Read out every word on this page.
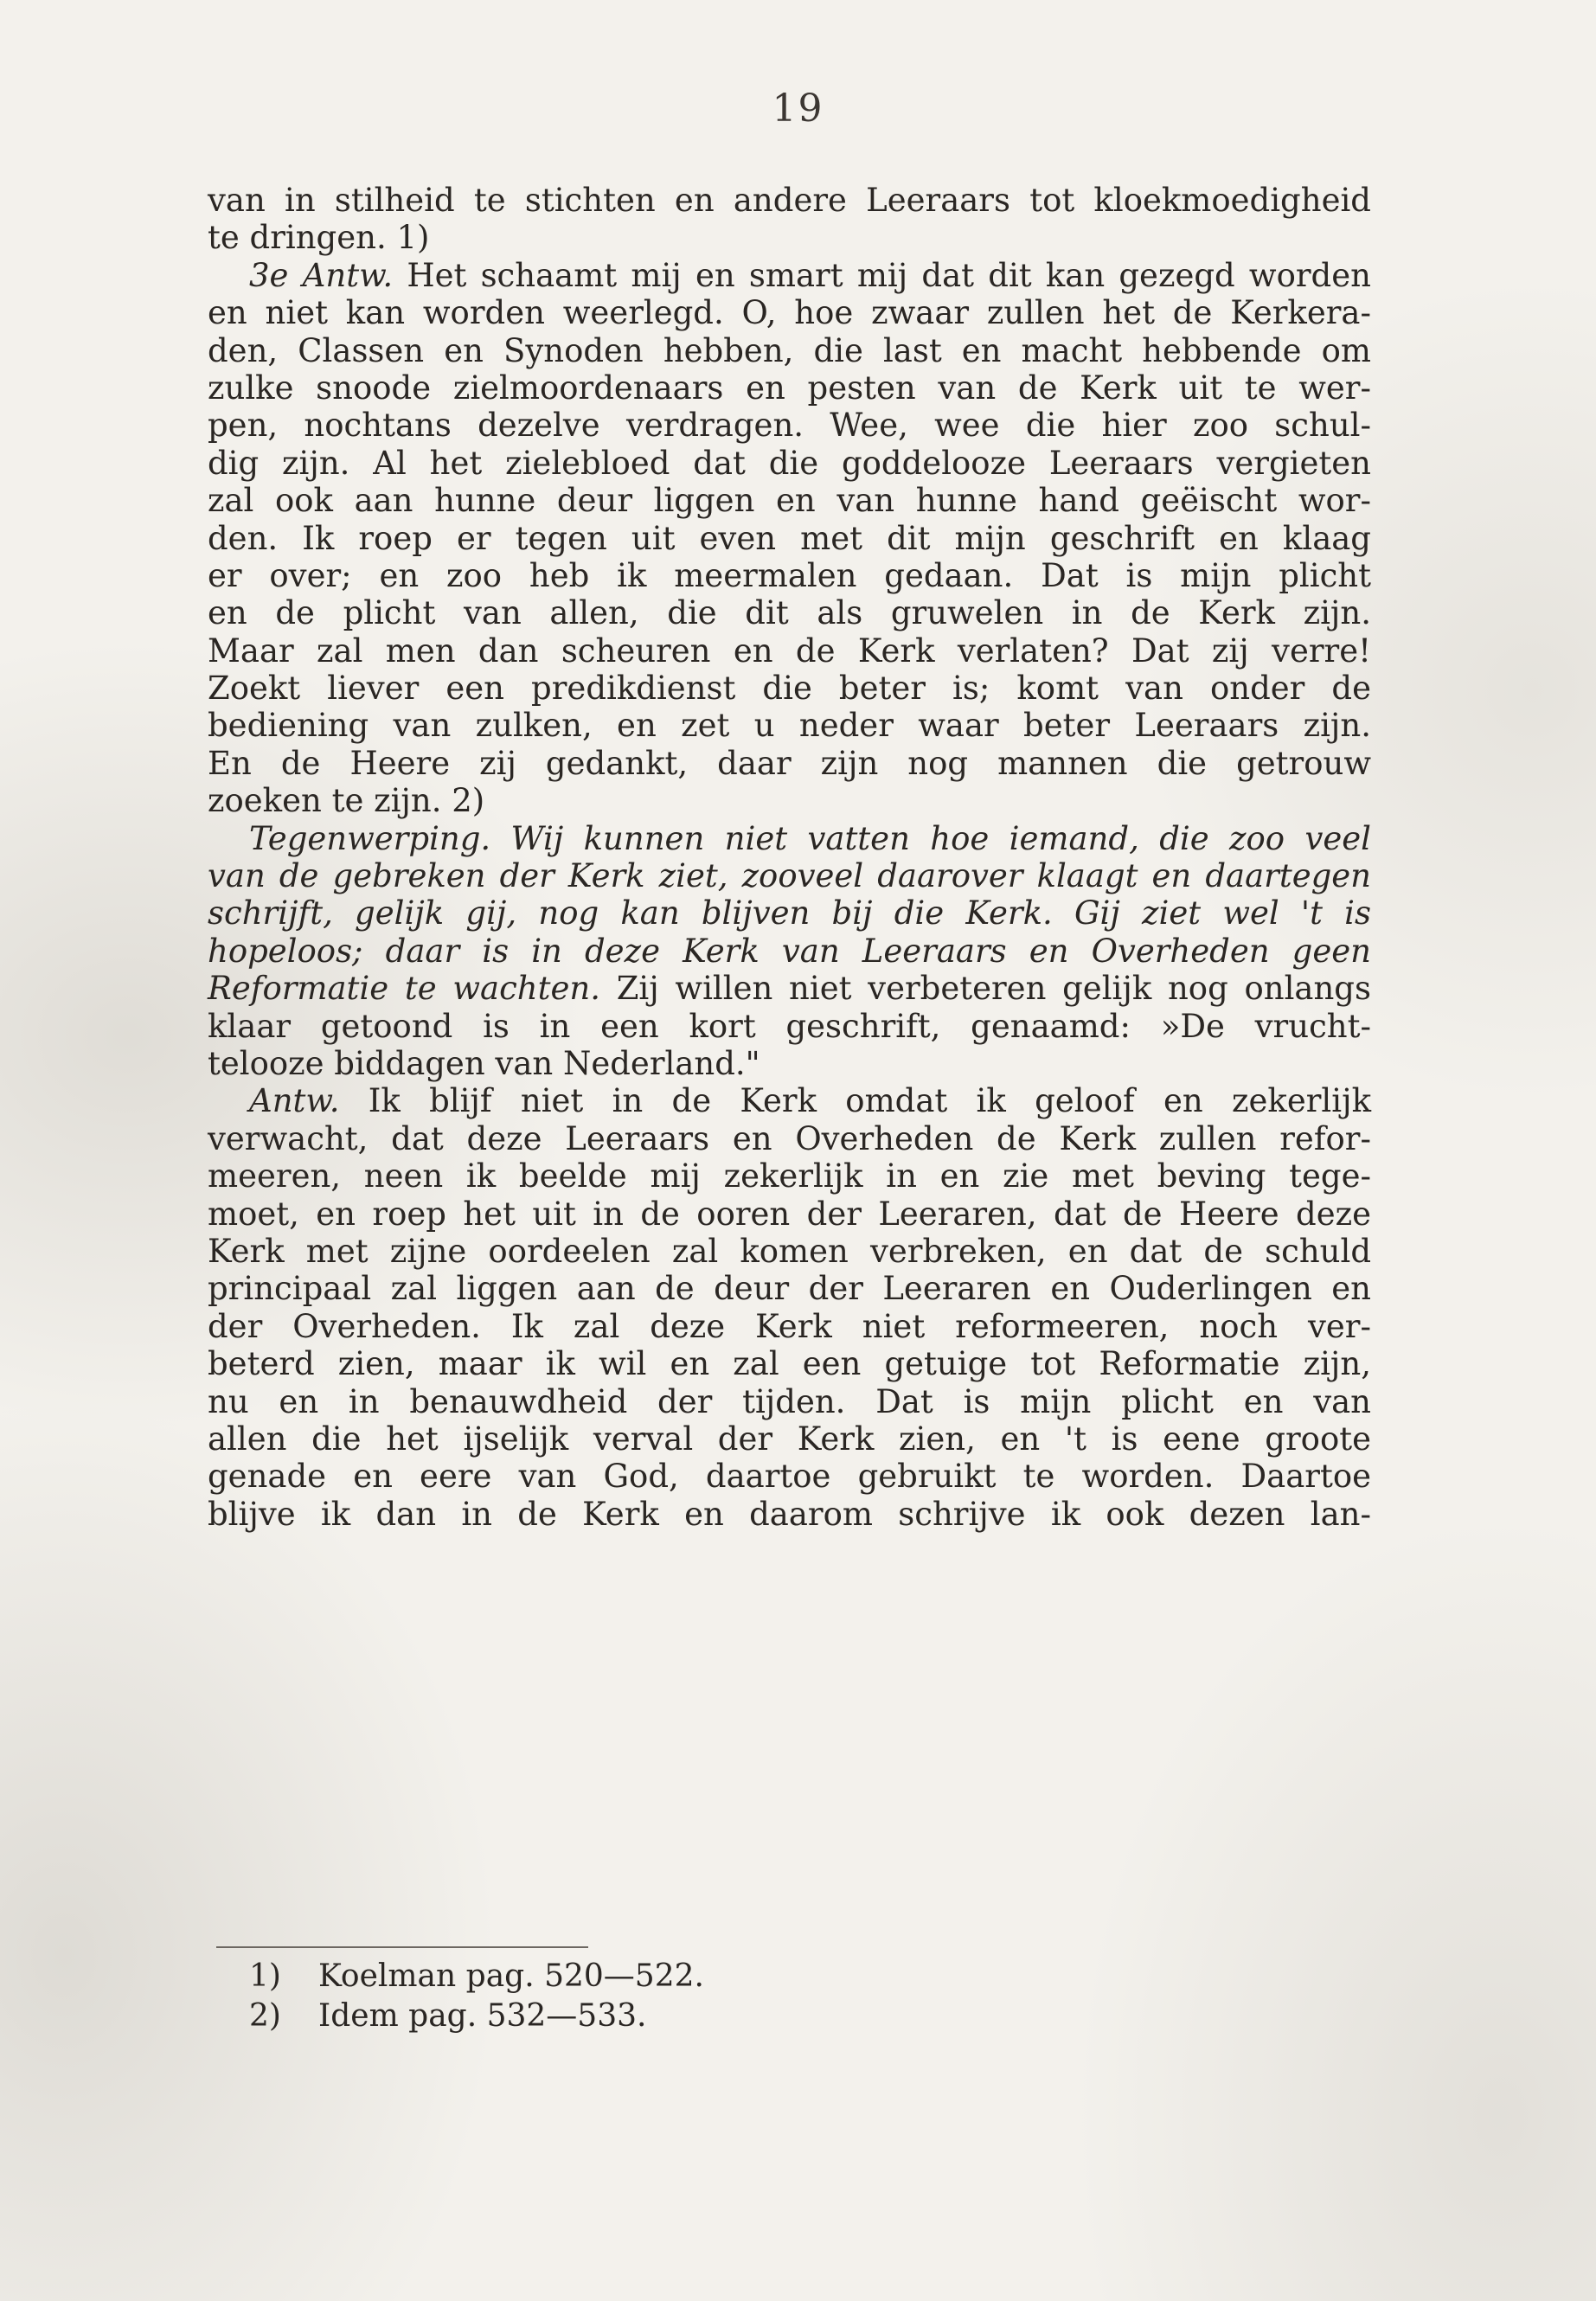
19
van in stilheid te stichten en andere Leeraars tot kloekmoedigheid
te dringen. 1)
3e Antw. Het schaamt mij en smart mij dat dit kan gezegd worden
en niet kan worden weerlegd. O, hoe zwaar zullen het de Kerkera-
den, Classen en Synoden hebben, die last en macht hebbende om
zulke snoode zielmoordenaars en pesten van de Kerk uit te wer-
pen, nochtans dezelve verdragen. Wee, wee die hier zoo schul-
dig zijn. Al het zielebloed dat die goddelooze Leeraars vergieten
zal ook aan hunne deur liggen en van hunne hand geëischt wor-
den. Ik roep er tegen uit even met dit mijn geschrift en klaag
er over; en zoo heb ik meermalen gedaan. Dat is mijn plicht
en de plicht van allen, die dit als gruwelen in de Kerk zijn.
Maar zal men dan scheuren en de Kerk verlaten? Dat zij verre!
Zoekt liever een predikdienst die beter is; komt van onder de
bediening van zulken, en zet u neder waar beter Leeraars zijn.
En de Heere zij gedankt, daar zijn nog mannen die getrouw
zoeken te zijn. 2)
Tegenwerping. Wij kunnen niet vatten hoe iemand, die zoo veel
van de gebreken der Kerk ziet, zooveel daarover klaagt en daartegen
schrijft, gelijk gij, nog kan blijven bij die Kerk. Gij ziet wel 't is
hopeloos; daar is in deze Kerk van Leeraars en Overheden geen
Reformatie te wachten. Zij willen niet verbeteren gelijk nog onlangs
klaar getoond is in een kort geschrift, genaamd: »De vrucht-
telooze biddagen van Nederland."
Antw. Ik blijf niet in de Kerk omdat ik geloof en zekerlijk
verwacht, dat deze Leeraars en Overheden de Kerk zullen refor-
meeren, neen ik beelde mij zekerlijk in en zie met beving tege-
moet, en roep het uit in de ooren der Leeraren, dat de Heere deze
Kerk met zijne oordeelen zal komen verbreken, en dat de schuld
principaal zal liggen aan de deur der Leeraren en Ouderlingen en
der Overheden. Ik zal deze Kerk niet reformeeren, noch ver-
beterd zien, maar ik wil en zal een getuige tot Reformatie zijn,
nu en in benauwdheid der tijden. Dat is mijn plicht en van
allen die het ijselijk verval der Kerk zien, en 't is eene groote
genade en eere van God, daartoe gebruikt te worden. Daartoe
blijve ik dan in de Kerk en daarom schrijve ik ook dezen lan-
1) Koelman pag. 520—522.
2) Idem pag. 532—533.
